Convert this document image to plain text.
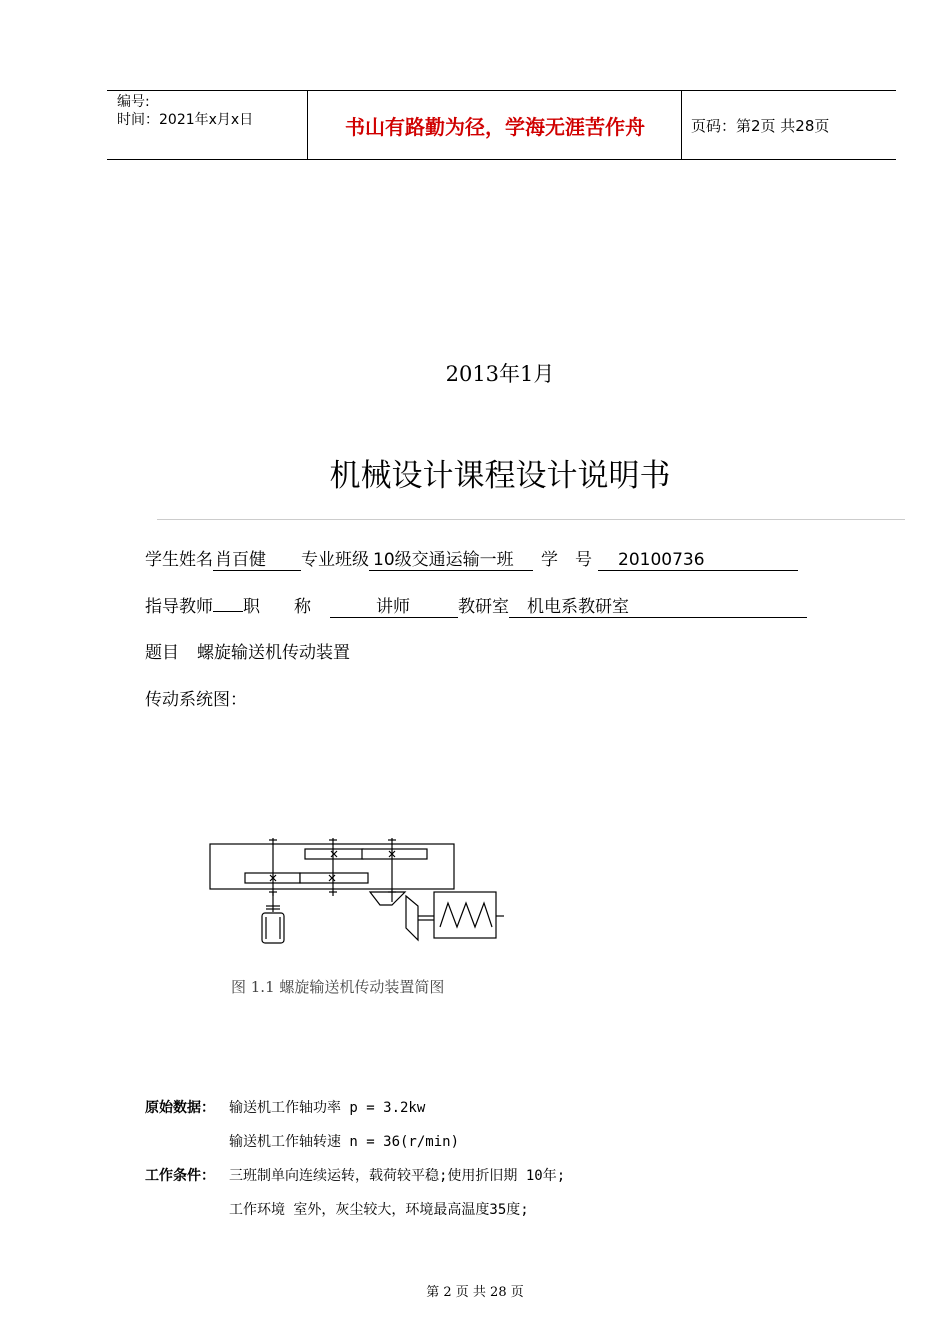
编号:
时间：2021年x月x日	书山有路勤为径，学海无涯苦作舟	页码：第2页 共28页
2013年1月
机械设计课程设计说明书
学生姓名 肖百健 专业班级 10级交通运输一班 学　号 20100736
指导教师 职　　称	讲师	教研室 机电系教研室
题目 螺旋输送机传动装置
传动系统图：
图 1.1 螺旋输送机传动装置简图
原始数据： 输送机工作轴功率 p = 3.2kw
输送机工作轴转速 n = 36(r/min)
工作条件： 三班制单向连续运转，载荷较平稳;使用折旧期 10年;
工作环境 室外，灰尘较大，环境最高温度35度;
第 2 页 共 28 页
